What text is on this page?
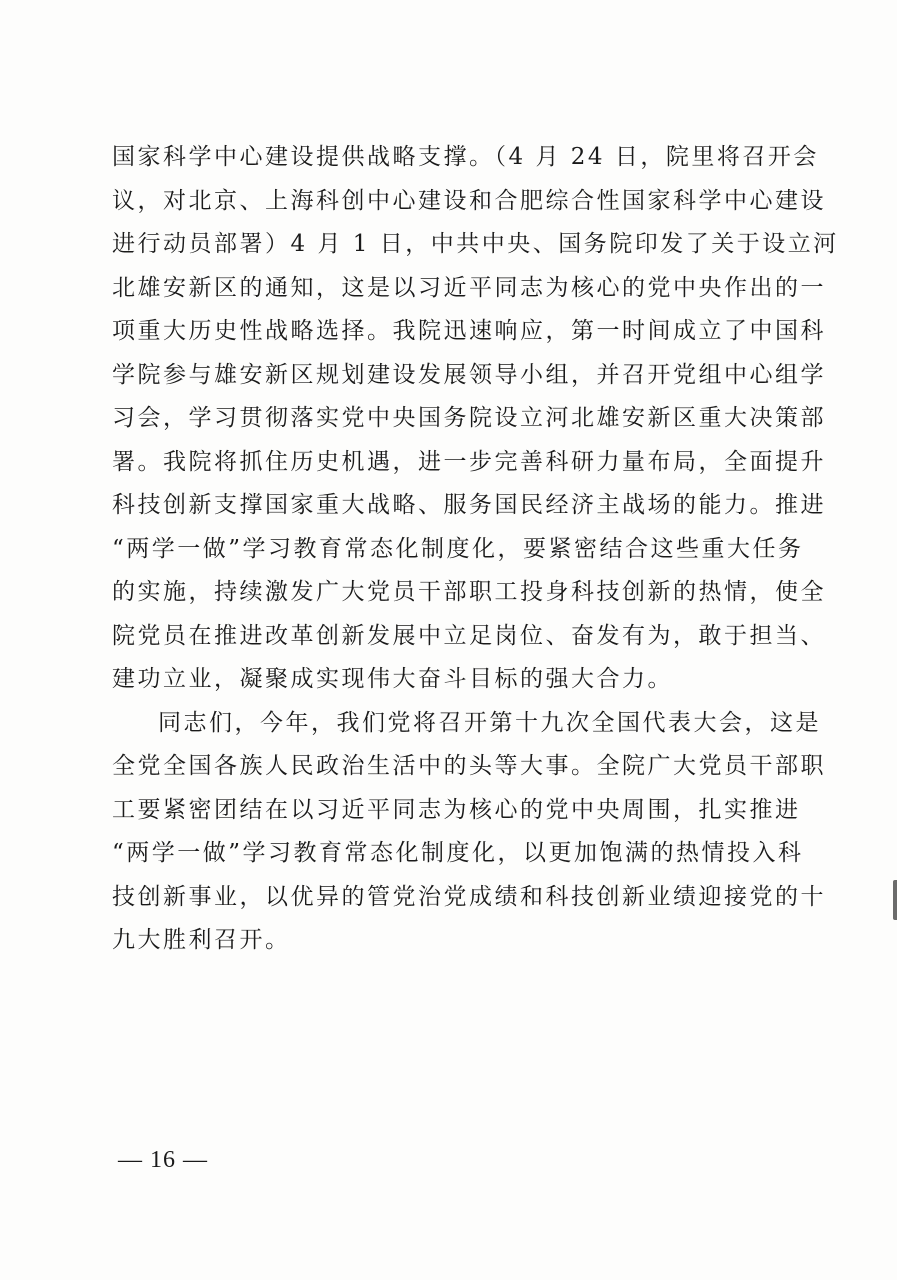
国家科学中心建设提供战略支撑。（4 月 24 日，院里将召开会
议，对北京、上海科创中心建设和合肥综合性国家科学中心建设
进行动员部署）4 月 1 日，中共中央、国务院印发了关于设立河
北雄安新区的通知，这是以习近平同志为核心的党中央作出的一
项重大历史性战略选择。我院迅速响应，第一时间成立了中国科
学院参与雄安新区规划建设发展领导小组，并召开党组中心组学
习会，学习贯彻落实党中央国务院设立河北雄安新区重大决策部
署。我院将抓住历史机遇，进一步完善科研力量布局，全面提升
科技创新支撑国家重大战略、服务国民经济主战场的能力。推进
“两学一做”学习教育常态化制度化，要紧密结合这些重大任务
的实施，持续激发广大党员干部职工投身科技创新的热情，使全
院党员在推进改革创新发展中立足岗位、奋发有为，敢于担当、
建功立业，凝聚成实现伟大奋斗目标的强大合力。
同志们，今年，我们党将召开第十九次全国代表大会，这是
全党全国各族人民政治生活中的头等大事。全院广大党员干部职
工要紧密团结在以习近平同志为核心的党中央周围，扎实推进
“两学一做”学习教育常态化制度化，以更加饱满的热情投入科
技创新事业，以优异的管党治党成绩和科技创新业绩迎接党的十
九大胜利召开。
— 16 —
